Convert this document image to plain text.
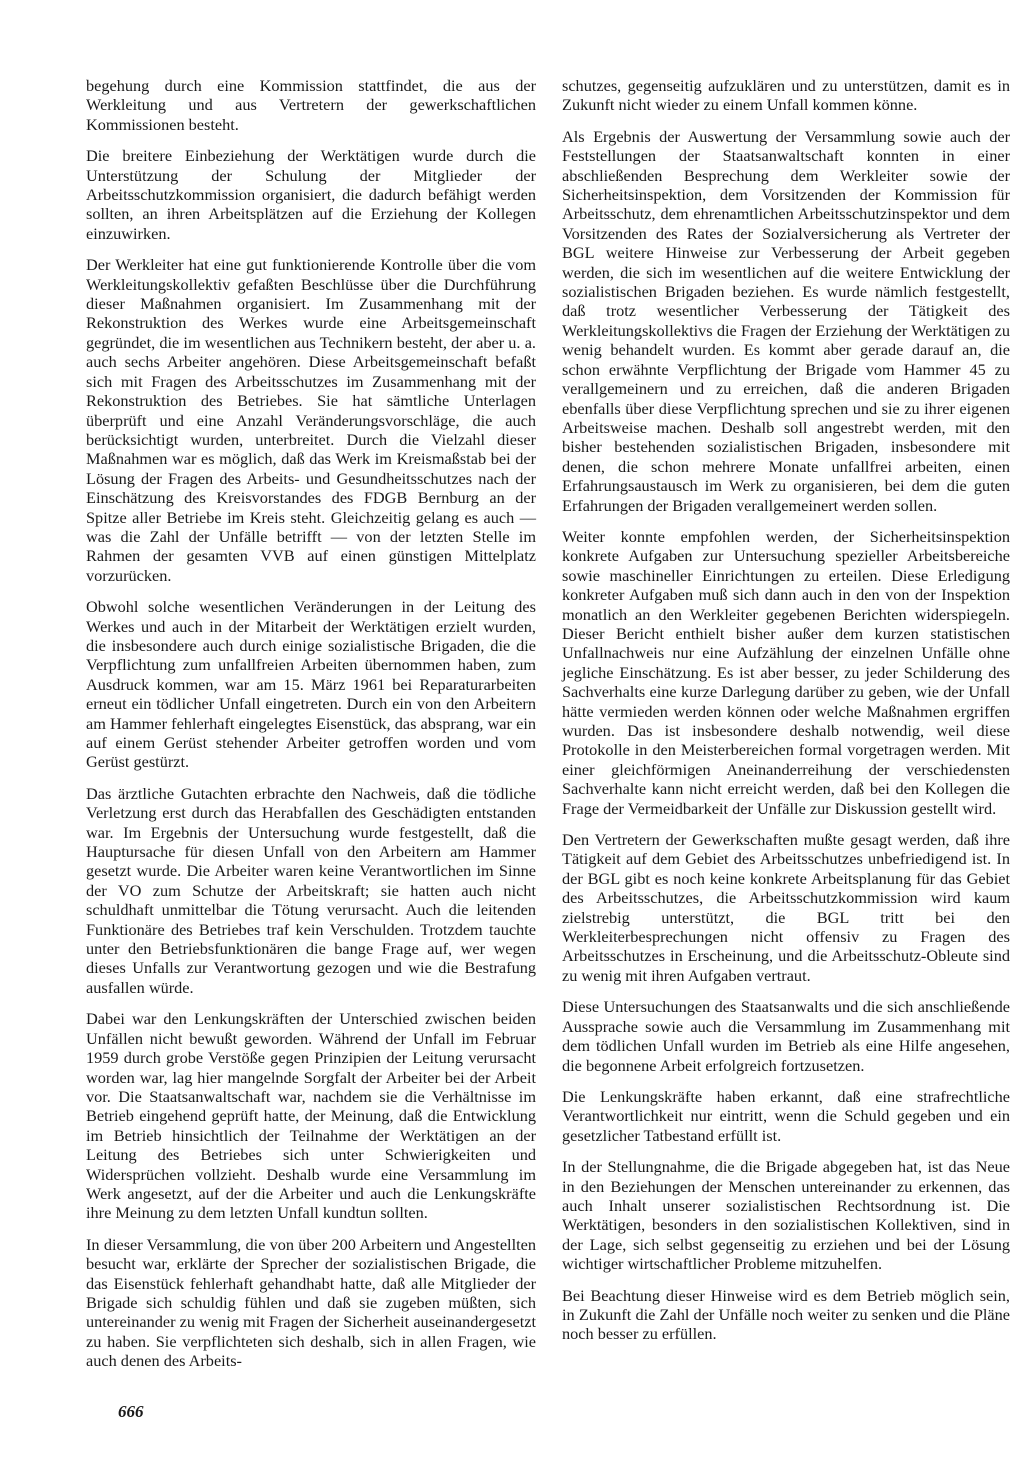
begehung durch eine Kommission stattfindet, die aus der Werkleitung und aus Vertretern der gewerkschaftlichen Kommissionen besteht.

Die breitere Einbeziehung der Werktätigen wurde durch die Unterstützung der Schulung der Mitglieder der Arbeitsschutzkommission organisiert, die dadurch befähigt werden sollten, an ihren Arbeitsplätzen auf die Erziehung der Kollegen einzuwirken.

Der Werkleiter hat eine gut funktionierende Kontrolle über die vom Werkleitungskollektiv gefaßten Beschlüsse über die Durchführung dieser Maßnahmen organisiert. Im Zusammenhang mit der Rekonstruktion des Werkes wurde eine Arbeitsgemeinschaft gegründet, die im wesentlichen aus Technikern besteht, der aber u. a. auch sechs Arbeiter angehören. Diese Arbeitsgemeinschaft befaßt sich mit Fragen des Arbeitsschutzes im Zusammenhang mit der Rekonstruktion des Betriebes. Sie hat sämtliche Unterlagen überprüft und eine Anzahl Veränderungsvorschläge, die auch berücksichtigt wurden, unterbreitet. Durch die Vielzahl dieser Maßnahmen war es möglich, daß das Werk im Kreismaßstab bei der Lösung der Fragen des Arbeits- und Gesundheitsschutzes nach der Einschätzung des Kreisvorstandes des FDGB Bernburg an der Spitze aller Betriebe im Kreis steht. Gleichzeitig gelang es auch — was die Zahl der Unfälle betrifft — von der letzten Stelle im Rahmen der gesamten VVB auf einen günstigen Mittelplatz vorzurücken.

Obwohl solche wesentlichen Veränderungen in der Leitung des Werkes und auch in der Mitarbeit der Werktätigen erzielt wurden, die insbesondere auch durch einige sozialistische Brigaden, die die Verpflichtung zum unfallfreien Arbeiten übernommen haben, zum Ausdruck kommen, war am 15. März 1961 bei Reparaturarbeiten erneut ein tödlicher Unfall eingetreten. Durch ein von den Arbeitern am Hammer fehlerhaft eingelegtes Eisenstück, das absprang, war ein auf einem Gerüst stehender Arbeiter getroffen worden und vom Gerüst gestürzt.

Das ärztliche Gutachten erbrachte den Nachweis, daß die tödliche Verletzung erst durch das Herabfallen des Geschädigten entstanden war. Im Ergebnis der Untersuchung wurde festgestellt, daß die Hauptursache für diesen Unfall von den Arbeitern am Hammer gesetzt wurde. Die Arbeiter waren keine Verantwortlichen im Sinne der VO zum Schutze der Arbeitskraft; sie hatten auch nicht schuldhaft unmittelbar die Tötung verursacht. Auch die leitenden Funktionäre des Betriebes traf kein Verschulden. Trotzdem tauchte unter den Betriebsfunktionären die bange Frage auf, wer wegen dieses Unfalls zur Verantwortung gezogen und wie die Bestrafung ausfallen würde.

Dabei war den Lenkungskräften der Unterschied zwischen beiden Unfällen nicht bewußt geworden. Während der Unfall im Februar 1959 durch grobe Verstöße gegen Prinzipien der Leitung verursacht worden war, lag hier mangelnde Sorgfalt der Arbeiter bei der Arbeit vor. Die Staatsanwaltschaft war, nachdem sie die Verhältnisse im Betrieb eingehend geprüft hatte, der Meinung, daß die Entwicklung im Betrieb hinsichtlich der Teilnahme der Werktätigen an der Leitung des Betriebes sich unter Schwierigkeiten und Widersprüchen vollzieht. Deshalb wurde eine Versammlung im Werk angesetzt, auf der die Arbeiter und auch die Lenkungskräfte ihre Meinung zu dem letzten Unfall kundtun sollten.

In dieser Versammlung, die von über 200 Arbeitern und Angestellten besucht war, erklärte der Sprecher der sozialistischen Brigade, die das Eisenstück fehlerhaft gehandhabt hatte, daß alle Mitglieder der Brigade sich schuldig fühlen und daß sie zugeben müßten, sich untereinander zu wenig mit Fragen der Sicherheit auseinandergesetzt zu haben. Sie verpflichteten sich deshalb, sich in allen Fragen, wie auch denen des Arbeits-

schutzes, gegenseitig aufzuklären und zu unterstützen, damit es in Zukunft nicht wieder zu einem Unfall kommen könne.

Als Ergebnis der Auswertung der Versammlung sowie auch der Feststellungen der Staatsanwaltschaft konnten in einer abschließenden Besprechung dem Werkleiter sowie der Sicherheitsinspektion, dem Vorsitzenden der Kommission für Arbeitsschutz, dem ehrenamtlichen Arbeitsschutzinspektor und dem Vorsitzenden des Rates der Sozialversicherung als Vertreter der BGL weitere Hinweise zur Verbesserung der Arbeit gegeben werden, die sich im wesentlichen auf die weitere Entwicklung der sozialistischen Brigaden beziehen. Es wurde nämlich festgestellt, daß trotz wesentlicher Verbesserung der Tätigkeit des Werkleitungskollektivs die Fragen der Erziehung der Werktätigen zu wenig behandelt wurden. Es kommt aber gerade darauf an, die schon erwähnte Verpflichtung der Brigade vom Hammer 45 zu verallgemeinern und zu erreichen, daß die anderen Brigaden ebenfalls über diese Verpflichtung sprechen und sie zu ihrer eigenen Arbeitsweise machen. Deshalb soll angestrebt werden, mit den bisher bestehenden sozialistischen Brigaden, insbesondere mit denen, die schon mehrere Monate unfallfrei arbeiten, einen Erfahrungsaustausch im Werk zu organisieren, bei dem die guten Erfahrungen der Brigaden verallgemeinert werden sollen.

Weiter konnte empfohlen werden, der Sicherheitsinspektion konkrete Aufgaben zur Untersuchung spezieller Arbeitsbereiche sowie maschineller Einrichtungen zu erteilen. Diese Erledigung konkreter Aufgaben muß sich dann auch in den von der Inspektion monatlich an den Werkleiter gegebenen Berichten widerspiegeln. Dieser Bericht enthielt bisher außer dem kurzen statistischen Unfallnachweis nur eine Aufzählung der einzelnen Unfälle ohne jegliche Einschätzung. Es ist aber besser, zu jeder Schilderung des Sachverhalts eine kurze Darlegung darüber zu geben, wie der Unfall hätte vermieden werden können oder welche Maßnahmen ergriffen wurden. Das ist insbesondere deshalb notwendig, weil diese Protokolle in den Meisterbereichen formal vorgetragen werden. Mit einer gleichförmigen Aneinanderreihung der verschiedensten Sachverhalte kann nicht erreicht werden, daß bei den Kollegen die Frage der Vermeidbarkeit der Unfälle zur Diskussion gestellt wird.

Den Vertretern der Gewerkschaften mußte gesagt werden, daß ihre Tätigkeit auf dem Gebiet des Arbeitsschutzes unbefriedigend ist. In der BGL gibt es noch keine konkrete Arbeitsplanung für das Gebiet des Arbeitsschutzes, die Arbeitsschutzkommission wird kaum zielstrebig unterstützt, die BGL tritt bei den Werkleiterbesprechungen nicht offensiv zu Fragen des Arbeitsschutzes in Erscheinung, und die Arbeitsschutz-Obleute sind zu wenig mit ihren Aufgaben vertraut.

Diese Untersuchungen des Staatsanwalts und die sich anschließende Aussprache sowie auch die Versammlung im Zusammenhang mit dem tödlichen Unfall wurden im Betrieb als eine Hilfe angesehen, die begonnene Arbeit erfolgreich fortzusetzen.

Die Lenkungskräfte haben erkannt, daß eine strafrechtliche Verantwortlichkeit nur eintritt, wenn die Schuld gegeben und ein gesetzlicher Tatbestand erfüllt ist.

In der Stellungnahme, die die Brigade abgegeben hat, ist das Neue in den Beziehungen der Menschen untereinander zu erkennen, das auch Inhalt unserer sozialistischen Rechtsordnung ist. Die Werktätigen, besonders in den sozialistischen Kollektiven, sind in der Lage, sich selbst gegenseitig zu erziehen und bei der Lösung wichtiger wirtschaftlicher Probleme mitzuhelfen.

Bei Beachtung dieser Hinweise wird es dem Betrieb möglich sein, in Zukunft die Zahl der Unfälle noch weiter zu senken und die Pläne noch besser zu erfüllen.

666
